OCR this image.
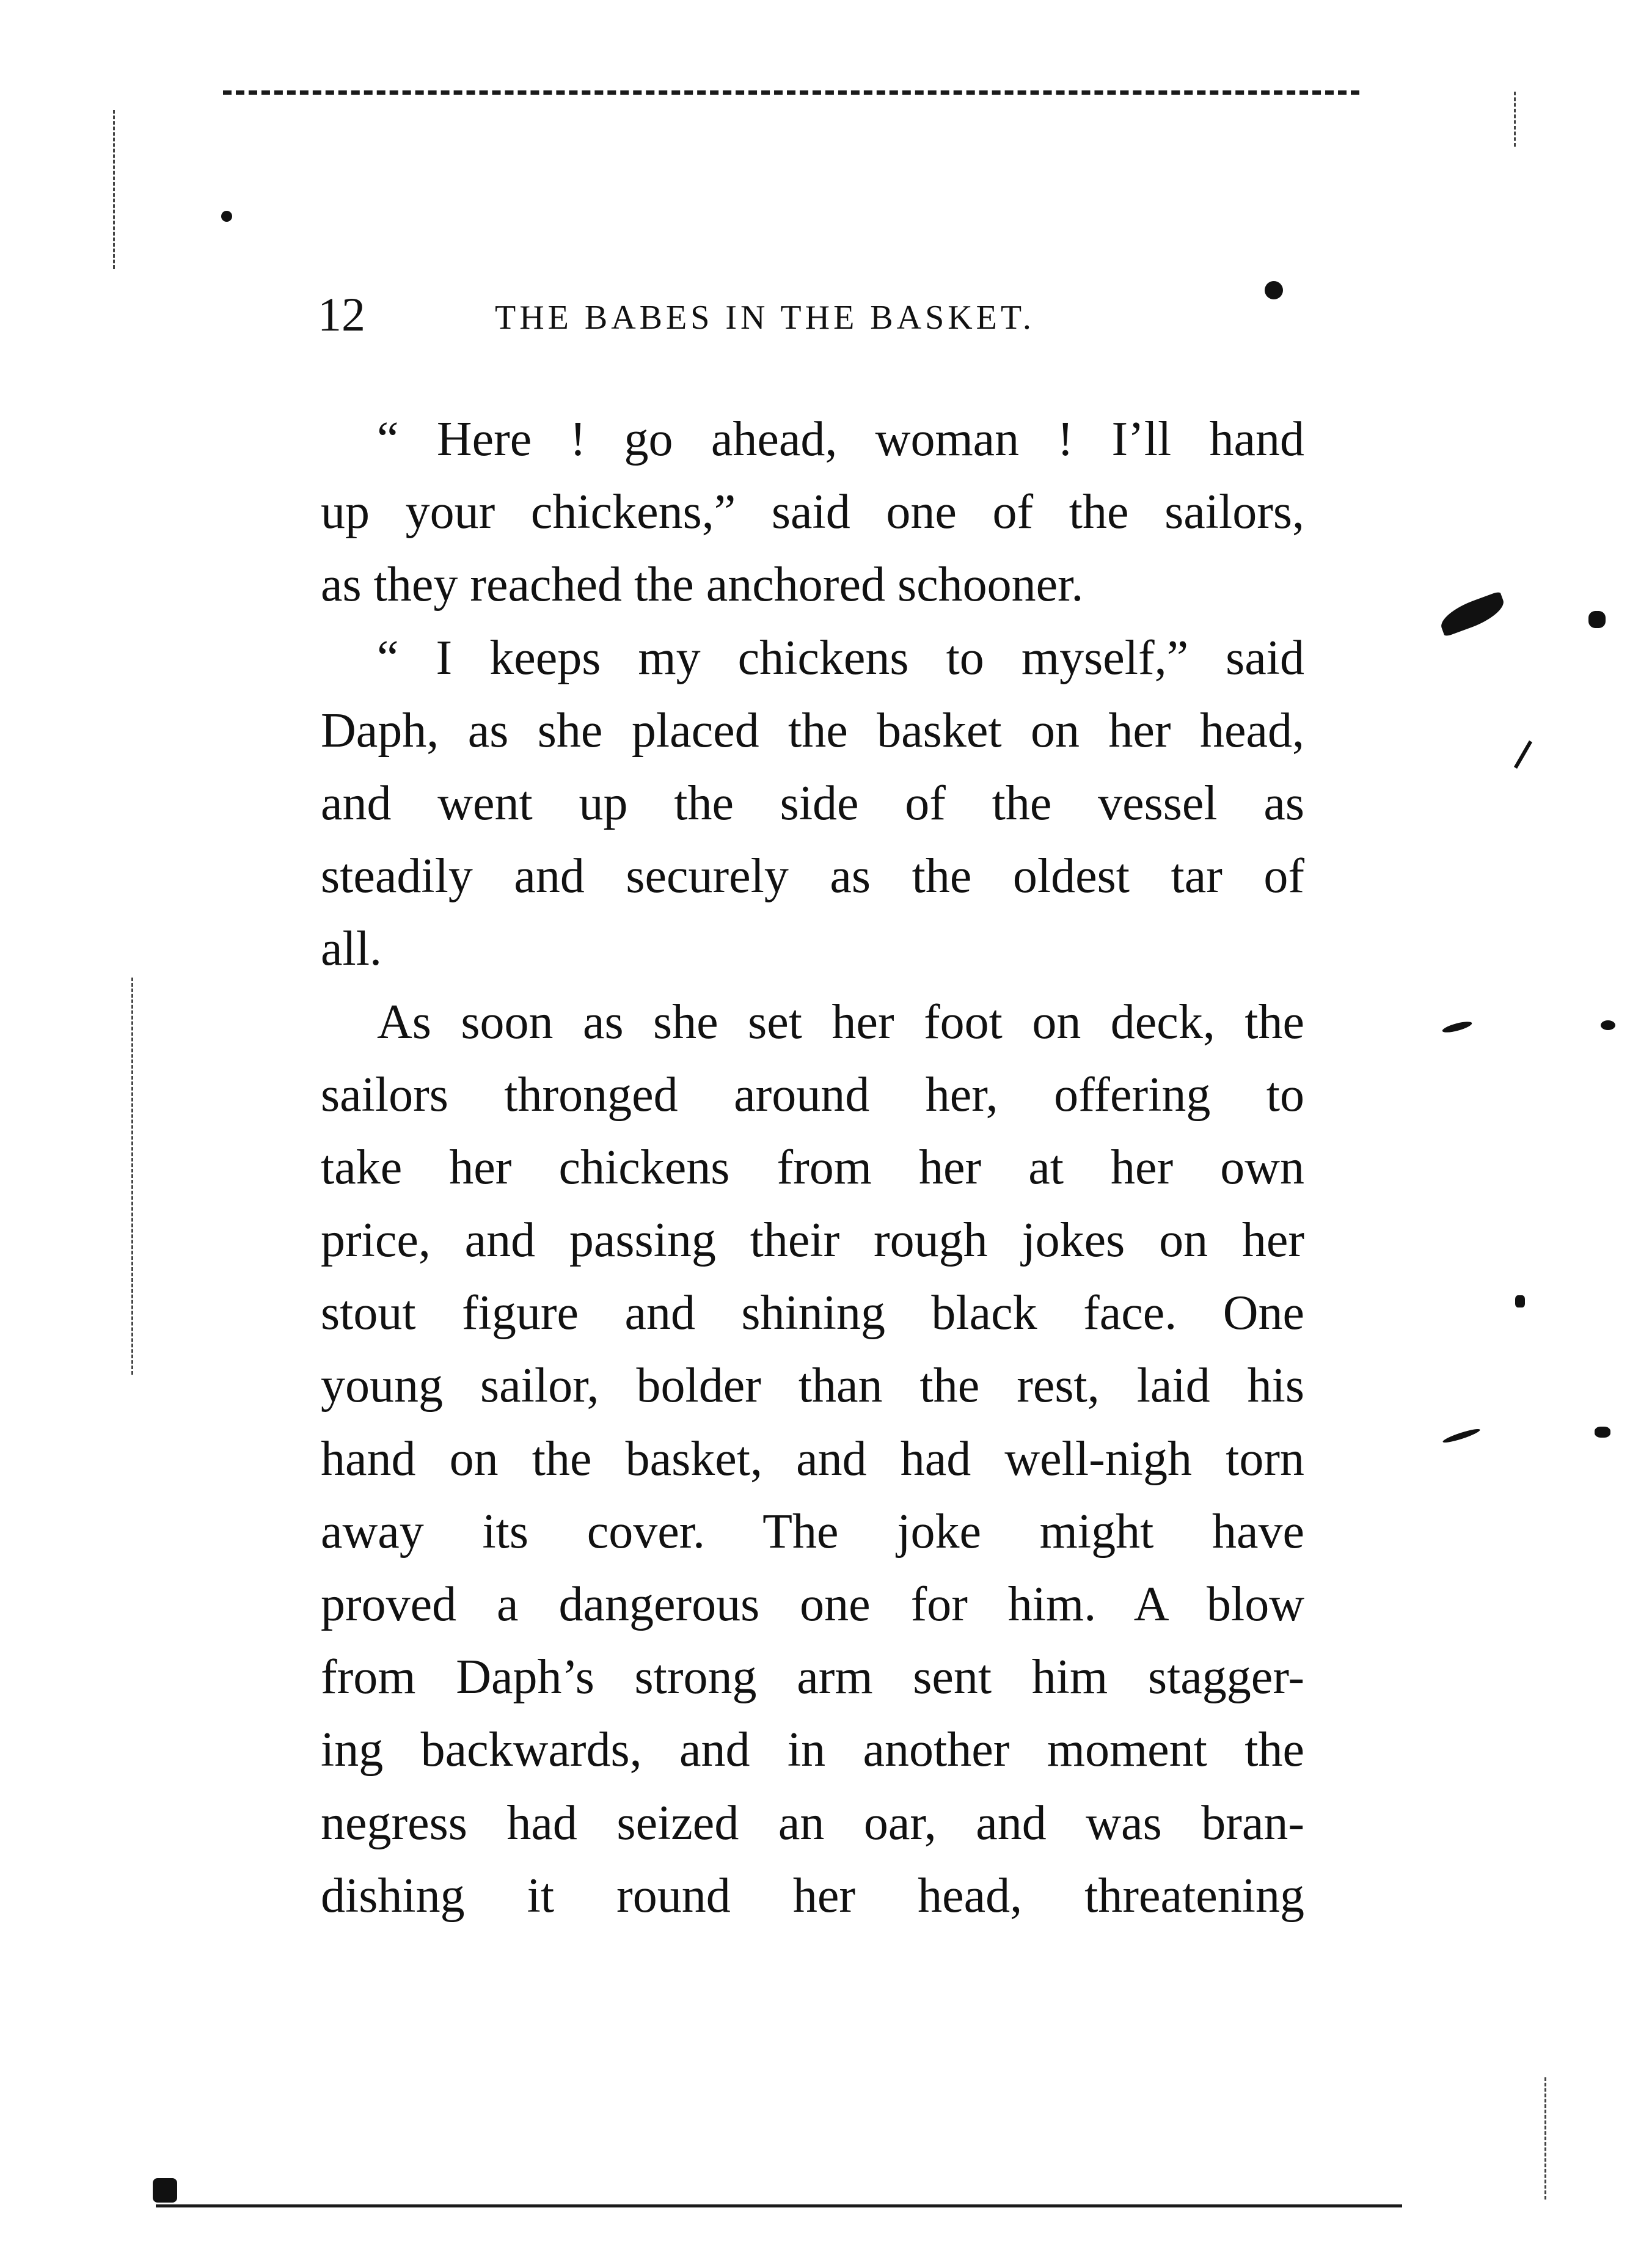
12	THE BABES IN THE BASKET.
“ Here ! go ahead, woman ! I’ll hand
up your chickens,” said one of the sailors,
as they reached the anchored schooner.
“ I keeps my chickens to myself,” said
Daph, as she placed the basket on her head,
and went up the side of the vessel as
steadily and securely as the oldest tar of
all.
As soon as she set her foot on deck, the
sailors thronged around her, offering to
take her chickens from her at her own
price, and passing their rough jokes on her
stout figure and shining black face. One
young sailor, bolder than the rest, laid his
hand on the basket, and had well-nigh torn
away its cover. The joke might have
proved a dangerous one for him. A blow
from Daph’s strong arm sent him stagger-
ing backwards, and in another moment the
negress had seized an oar, and was bran-
dishing it round her head, threatening
